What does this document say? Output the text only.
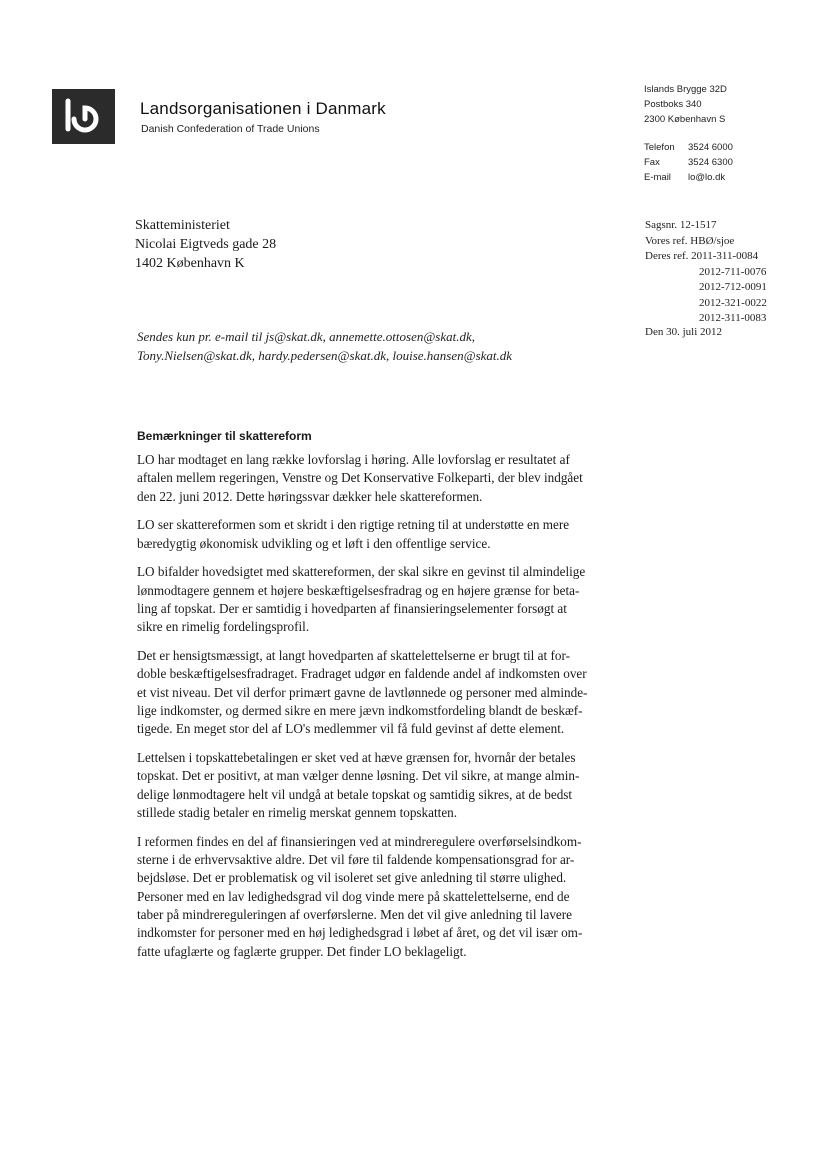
Landsorganisationen i Danmark
Danish Confederation of Trade Unions
Islands Brygge 32D
Postboks 340
2300 København S
Telefon	3524 6000
Fax	3524 6300
E-mail	lo@lo.dk
Skatteministeriet
Nicolai Eigtveds gade 28
1402 København K
Sagsnr. 12-1517
Vores ref. HBØ/sjoe
Deres ref. 2011-311-0084
2012-711-0076
2012-712-0091
2012-321-0022
2012-311-0083
Sendes kun pr. e-mail til js@skat.dk, annemette.ottosen@skat.dk,
Tony.Nielsen@skat.dk, hardy.pedersen@skat.dk, louise.hansen@skat.dk
Den 30. juli 2012
Bemærkninger til skattereform

LO har modtaget en lang række lovforslag i høring. Alle lovforslag er resultatet af
aftalen mellem regeringen, Venstre og Det Konservative Folkeparti, der blev indgået
den 22. juni 2012. Dette høringssvar dækker hele skattereformen.

LO ser skattereformen som et skridt i den rigtige retning til at understøtte en mere
bæredygtig økonomisk udvikling og et løft i den offentlige service.

LO bifalder hovedsigtet med skattereformen, der skal sikre en gevinst til almindelige
lønmodtagere gennem et højere beskæftigelsesfradrag og en højere grænse for beta-
ling af topskat. Der er samtidig i hovedparten af finansieringselementer forsøgt at
sikre en rimelig fordelingsprofil.

Det er hensigtsmæssigt, at langt hovedparten af skattelettelserne er brugt til at for-
doble beskæftigelsesfradraget. Fradraget udgør en faldende andel af indkomsten over
et vist niveau. Det vil derfor primært gavne de lavtlønnede og personer med alminde-
lige indkomster, og dermed sikre en mere jævn indkomstfordeling blandt de beskæf-
tigede. En meget stor del af LO's medlemmer vil få fuld gevinst af dette element.

Lettelsen i topskattebetalingen er sket ved at hæve grænsen for, hvornår der betales
topskat. Det er positivt, at man vælger denne løsning. Det vil sikre, at mange almin-
delige lønmodtagere helt vil undgå at betale topskat og samtidig sikres, at de bedst
stillede stadig betaler en rimelig merskat gennem topskatten.

I reformen findes en del af finansieringen ved at mindreregulere overførselsindkom-
sterne i de erhvervsaktive aldre. Det vil føre til faldende kompensationsgrad for ar-
bejdsløse. Det er problematisk og vil isoleret set give anledning til større ulighed.
Personer med en lav ledighedsgrad vil dog vinde mere på skattelettelserne, end de
taber på mindrereguleringen af overførslerne. Men det vil give anledning til lavere
indkomster for personer med en høj ledighedsgrad i løbet af året, og det vil især om-
fatte ufaglærte og faglærte grupper. Det finder LO beklageligt.
